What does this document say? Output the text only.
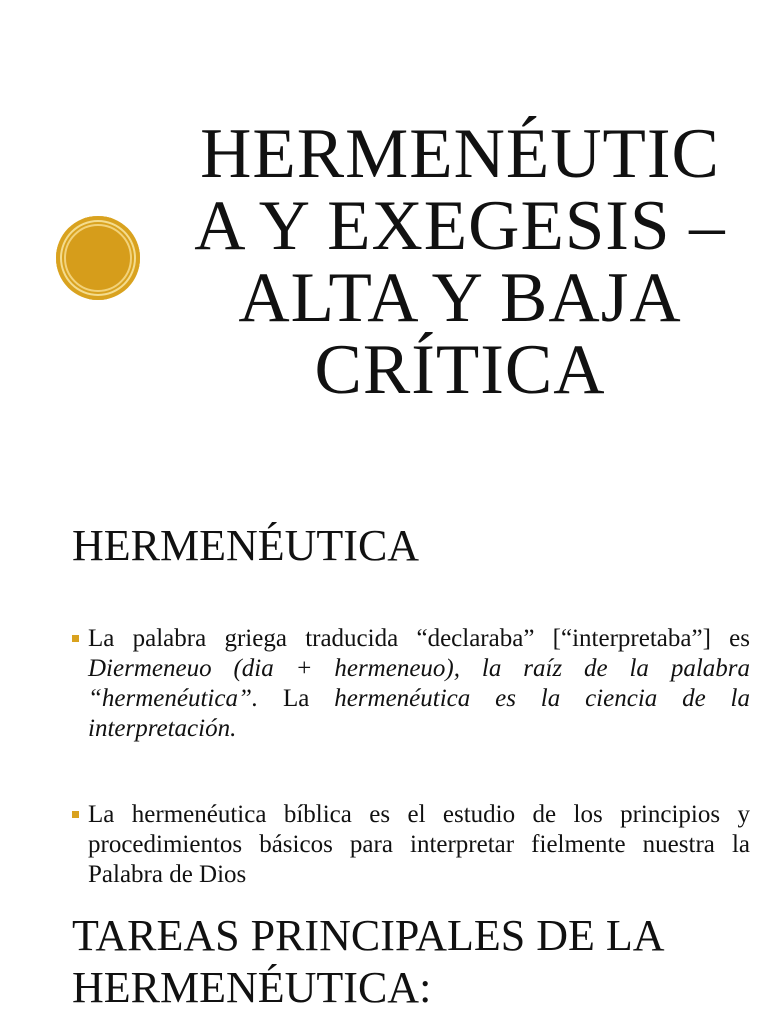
HERMENÉUTIC
A Y EXEGESIS –
ALTA Y BAJA
CRÍTICA
HERMENÉUTICA
La palabra griega traducida “declaraba” [“interpretaba”] es Diermeneuo (dia + hermeneuo), la raíz de la palabra “hermenéutica”. La hermenéutica es la ciencia de la interpretación.
La hermenéutica bíblica es el estudio de los principios y procedimientos básicos para interpretar fielmente nuestra la Palabra de Dios
TAREAS PRINCIPALES DE LA
HERMENÉUTICA:
